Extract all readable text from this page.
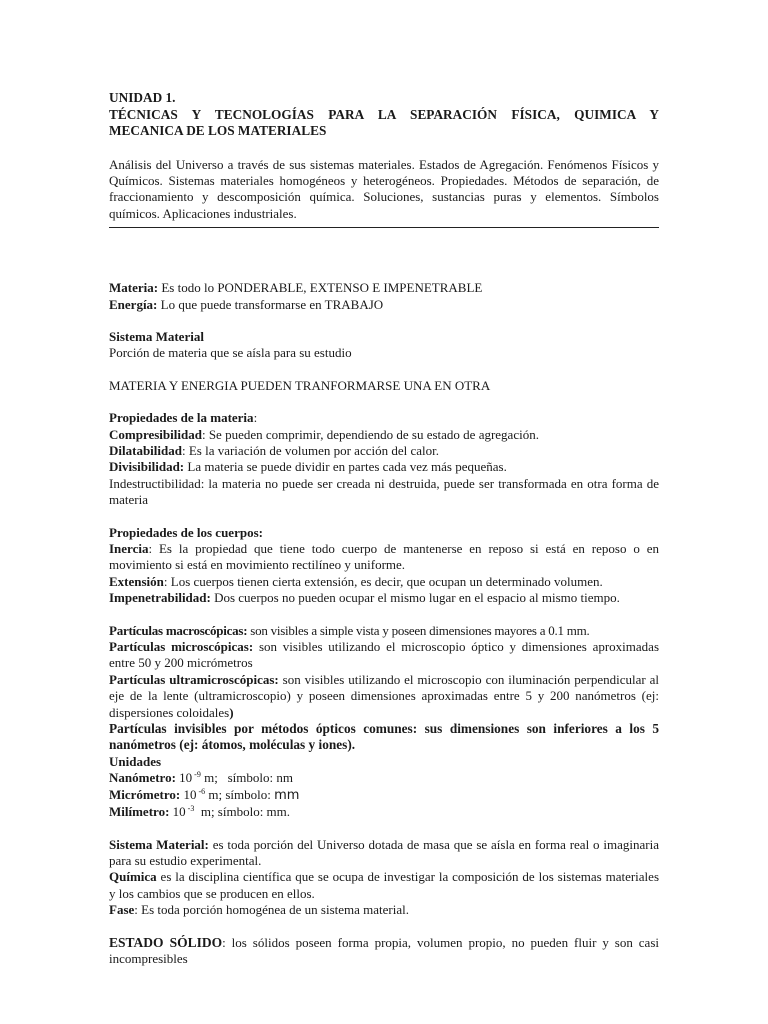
UNIDAD 1.

TÉCNICAS Y TECNOLOGÍAS PARA LA SEPARACIÓN FÍSICA, QUIMICA Y

MECANICA DE LOS MATERIALES

Análisis del Universo a través de sus sistemas materiales. Estados de Agregación. Fenómenos Físicos y Químicos. Sistemas materiales homogéneos y heterogéneos. Propiedades. Métodos de separación, de fraccionamiento y descomposición química. Soluciones, sustancias puras y elementos. Símbolos químicos. Aplicaciones industriales.

Materia: Es todo lo PONDERABLE, EXTENSO E IMPENETRABLE

Energía: Lo que puede transformarse en TRABAJO

Sistema Material

Porción de materia que se aísla para su estudio

MATERIA Y ENERGIA PUEDEN TRANFORMARSE UNA EN OTRA

Propiedades de la materia:

Compresibilidad: Se pueden comprimir, dependiendo de su estado de agregación.

Dilatabilidad: Es la variación de volumen por acción del calor.

Divisibilidad: La materia se puede dividir en partes cada vez más pequeñas.

Indestructibilidad: la materia no puede ser creada ni destruida, puede ser transformada en otra forma de materia

Propiedades de los cuerpos:

Inercia: Es la propiedad que tiene todo cuerpo de mantenerse en reposo si está en reposo o en movimiento si está en movimiento rectilíneo y uniforme.

Extensión: Los cuerpos tienen cierta extensión, es decir, que ocupan un determinado volumen.

Impenetrabilidad: Dos cuerpos no pueden ocupar el mismo lugar en el espacio al mismo tiempo.

Partículas macroscópicas: son visibles a simple vista y poseen dimensiones mayores a 0.1 mm.

Partículas microscópicas: son visibles utilizando el microscopio óptico y dimensiones aproximadas entre 50 y 200 micrómetros

Partículas ultramicroscópicas: son visibles utilizando el microscopio con iluminación perpendicular al eje de la lente (ultramicroscopio) y poseen dimensiones aproximadas entre 5 y 200 nanómetros (ej: dispersiones coloidales)

Partículas invisibles por métodos ópticos comunes: sus dimensiones son inferiores a los 5 nanómetros (ej: átomos, moléculas y iones).

Unidades

Nanómetro: 10 $^{-9}$ m;   símbolo: nm

Micrómetro: 10 $^{-6}$ m; símbolo: mm

Milímetro: 10 $^{-3}$  m; símbolo: mm.

Sistema Material: es toda porción del Universo dotada de masa que se aísla en forma real o imaginaria para su estudio experimental.

Química es la disciplina científica que se ocupa de investigar la composición de los sistemas materiales y los cambios que se producen en ellos.

Fase: Es toda porción homogénea de un sistema material.

ESTADO SÓLIDO: los sólidos poseen forma propia, volumen propio, no pueden fluir y son casi incompresibles
